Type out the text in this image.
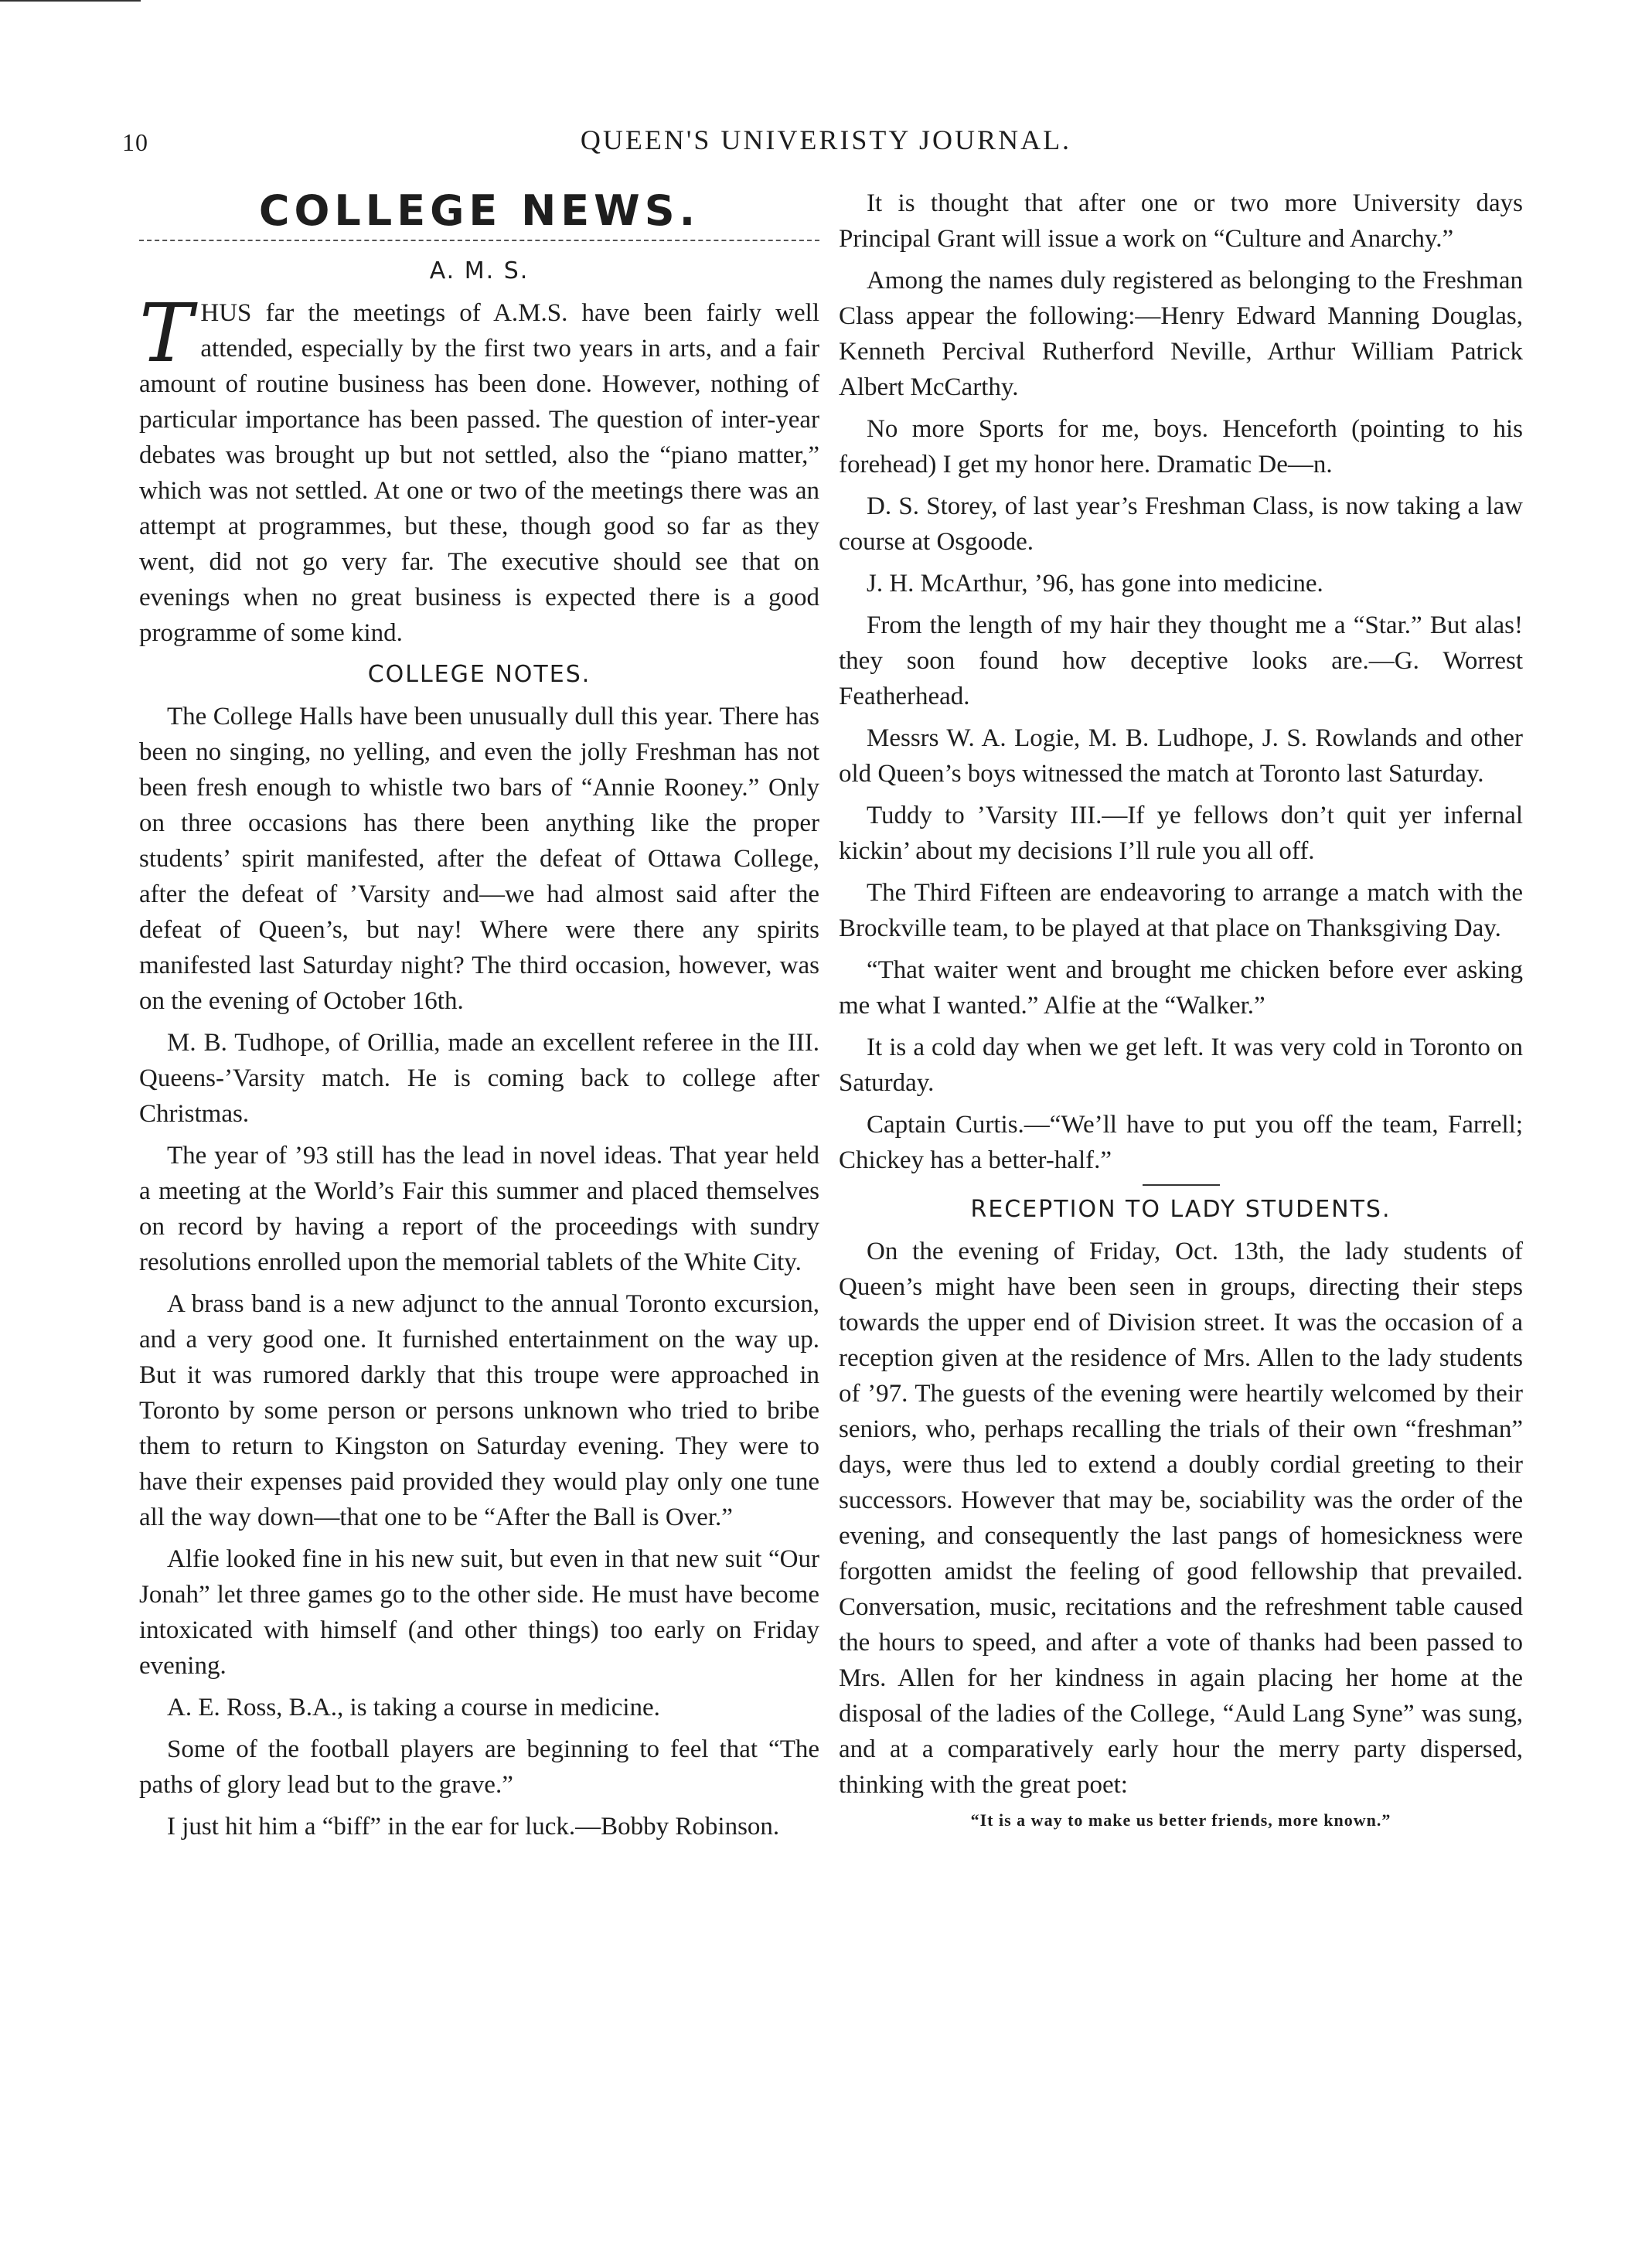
10	QUEEN'S UNIVERISTY JOURNAL.
COLLEGE NEWS.
A. M. S.

THUS far the meetings of A.M.S. have been fairly well attended, especially by the first two years in arts, and a fair amount of routine business has been done. However, nothing of particular importance has been passed. The question of inter-year debates was brought up but not settled, also the “piano matter,” which was not settled. At one or two of the meetings there was an attempt at programmes, but these, though good so far as they went, did not go very far. The executive should see that on evenings when no great business is expected there is a good programme of some kind.

COLLEGE NOTES.

The College Halls have been unusually dull this year. There has been no singing, no yelling, and even the jolly Freshman has not been fresh enough to whistle two bars of “Annie Rooney.” Only on three occasions has there been anything like the proper students’ spirit manifested, after the defeat of Ottawa College, after the defeat of ’Varsity and—we had almost said after the defeat of Queen’s, but nay! Where were there any spirits manifested last Saturday night? The third occasion, however, was on the evening of October 16th.

M. B. Tudhope, of Orillia, made an excellent referee in the III. Queens-’Varsity match. He is coming back to college after Christmas.

The year of ’93 still has the lead in novel ideas. That year held a meeting at the World’s Fair this summer and placed themselves on record by having a report of the proceedings with sundry resolutions enrolled upon the memorial tablets of the White City.

A brass band is a new adjunct to the annual Toronto excursion, and a very good one. It furnished entertainment on the way up. But it was rumored darkly that this troupe were approached in Toronto by some person or persons unknown who tried to bribe them to return to Kingston on Saturday evening. They were to have their expenses paid provided they would play only one tune all the way down—that one to be “After the Ball is Over.”

Alfie looked fine in his new suit, but even in that new suit “Our Jonah” let three games go to the other side. He must have become intoxicated with himself (and other things) too early on Friday evening.

A. E. Ross, B.A., is taking a course in medicine.

Some of the football players are beginning to feel that “The paths of glory lead but to the grave.”

I just hit him a “biff” in the ear for luck.—Bobby Robinson.

It is thought that after one or two more University days Principal Grant will issue a work on “Culture and Anarchy.”

Among the names duly registered as belonging to the Freshman Class appear the following:—Henry Edward Manning Douglas, Kenneth Percival Rutherford Neville, Arthur William Patrick Albert McCarthy.

No more Sports for me, boys. Henceforth (pointing to his forehead) I get my honor here. Dramatic De—n.

D. S. Storey, of last year’s Freshman Class, is now taking a law course at Osgoode.

J. H. McArthur, ’96, has gone into medicine.

From the length of my hair they thought me a “Star.” But alas! they soon found how deceptive looks are.—G. Worrest Featherhead.

Messrs W. A. Logie, M. B. Ludhope, J. S. Rowlands and other old Queen’s boys witnessed the match at Toronto last Saturday.

Tuddy to ’Varsity III.—If ye fellows don’t quit yer infernal kickin’ about my decisions I’ll rule you all off.

The Third Fifteen are endeavoring to arrange a match with the Brockville team, to be played at that place on Thanksgiving Day.

“That waiter went and brought me chicken before ever asking me what I wanted.” Alfie at the “Walker.”

It is a cold day when we get left. It was very cold in Toronto on Saturday.

Captain Curtis.—“We’ll have to put you off the team, Farrell; Chickey has a better-half.”

RECEPTION TO LADY STUDENTS.

On the evening of Friday, Oct. 13th, the lady students of Queen’s might have been seen in groups, directing their steps towards the upper end of Division street. It was the occasion of a reception given at the residence of Mrs. Allen to the lady students of ’97. The guests of the evening were heartily welcomed by their seniors, who, perhaps recalling the trials of their own “freshman” days, were thus led to extend a doubly cordial greeting to their successors. However that may be, sociability was the order of the evening, and consequently the last pangs of homesickness were forgotten amidst the feeling of good fellowship that prevailed. Conversation, music, recitations and the refreshment table caused the hours to speed, and after a vote of thanks had been passed to Mrs. Allen for her kindness in again placing her home at the disposal of the ladies of the College, “Auld Lang Syne” was sung, and at a comparatively early hour the merry party dispersed, thinking with the great poet:

“It is a way to make us better friends, more known.”
